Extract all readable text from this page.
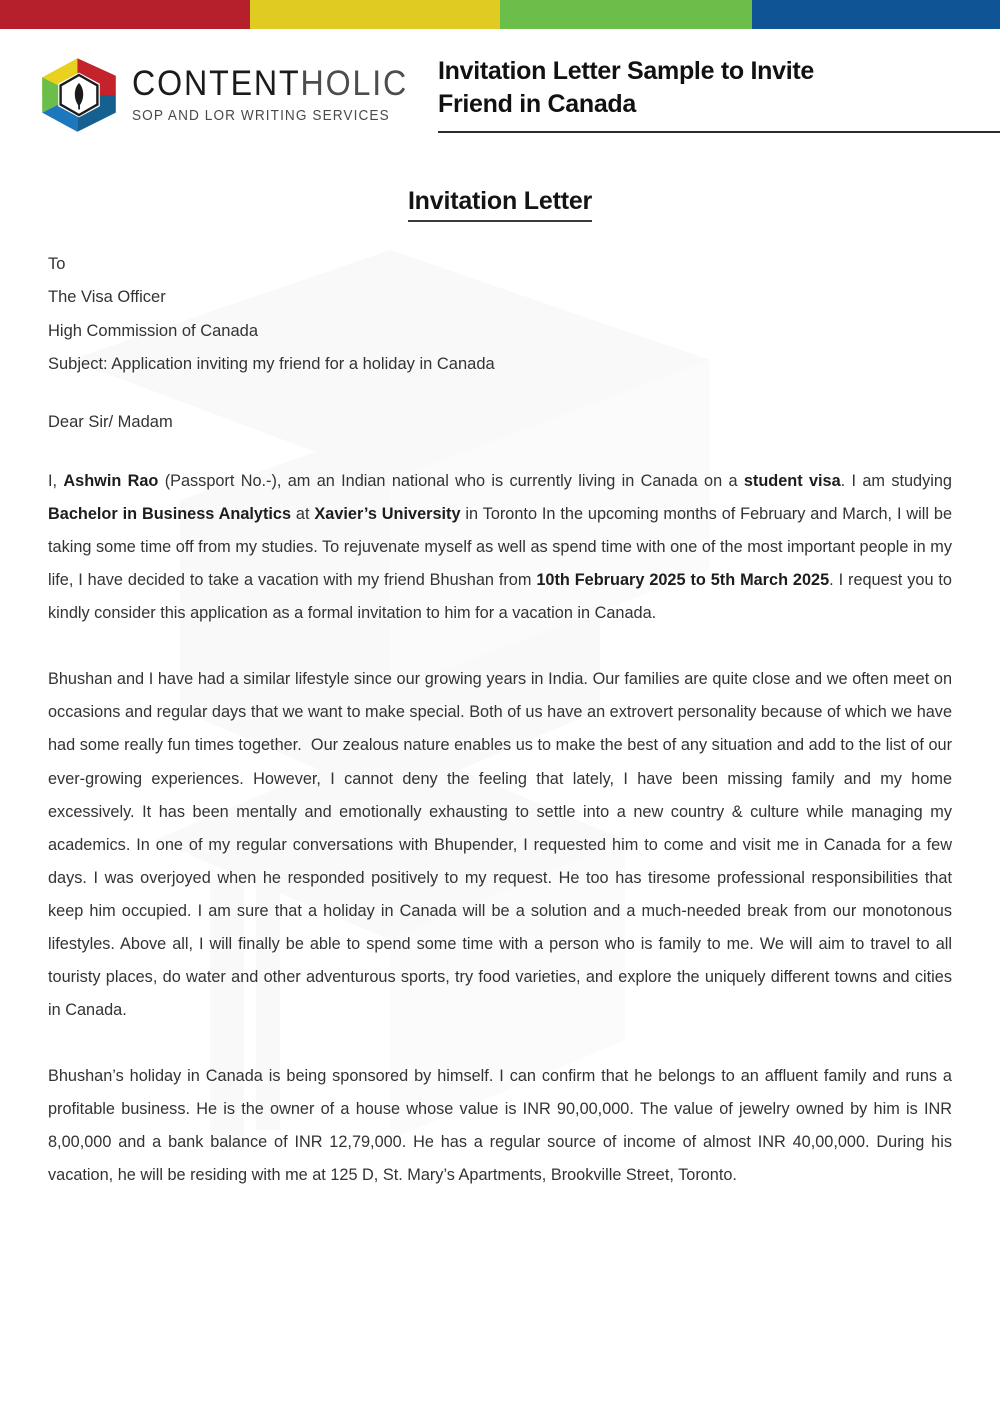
CONTENTHOLIC
SOP AND LOR WRITING SERVICES
Invitation Letter Sample to Invite
Friend in Canada
Invitation Letter
To
The Visa Officer
High Commission of Canada
Subject: Application inviting my friend for a holiday in Canada
Dear Sir/ Madam
I, Ashwin Rao (Passport No.-), am an Indian national who is currently living in Canada on a student visa. I am studying Bachelor in Business Analytics at Xavier’s University in Toronto In the upcoming months of February and March, I will be taking some time off from my studies. To rejuvenate myself as well as spend time with one of the most important people in my life, I have decided to take a vacation with my friend Bhushan from 10th February 2025 to 5th March 2025. I request you to kindly consider this application as a formal invitation to him for a vacation in Canada.
Bhushan and I have had a similar lifestyle since our growing years in India. Our families are quite close and we often meet on occasions and regular days that we want to make special. Both of us have an extrovert personality because of which we have had some really fun times together.  Our zealous nature enables us to make the best of any situation and add to the list of our ever-growing experiences. However, I cannot deny the feeling that lately, I have been missing family and my home excessively. It has been mentally and emotionally exhausting to settle into a new country & culture while managing my academics. In one of my regular conversations with Bhupender, I requested him to come and visit me in Canada for a few days. I was overjoyed when he responded positively to my request. He too has tiresome professional responsibilities that keep him occupied. I am sure that a holiday in Canada will be a solution and a much-needed break from our monotonous lifestyles. Above all, I will finally be able to spend some time with a person who is family to me. We will aim to travel to all touristy places, do water and other adventurous sports, try food varieties, and explore the uniquely different towns and cities in Canada.
Bhushan’s holiday in Canada is being sponsored by himself. I can confirm that he belongs to an affluent family and runs a profitable business. He is the owner of a house whose value is INR 90,00,000. The value of jewelry owned by him is INR 8,00,000 and a bank balance of INR 12,79,000. He has a regular source of income of almost INR 40,00,000. During his vacation, he will be residing with me at 125 D, St. Mary’s Apartments, Brookville Street, Toronto.
